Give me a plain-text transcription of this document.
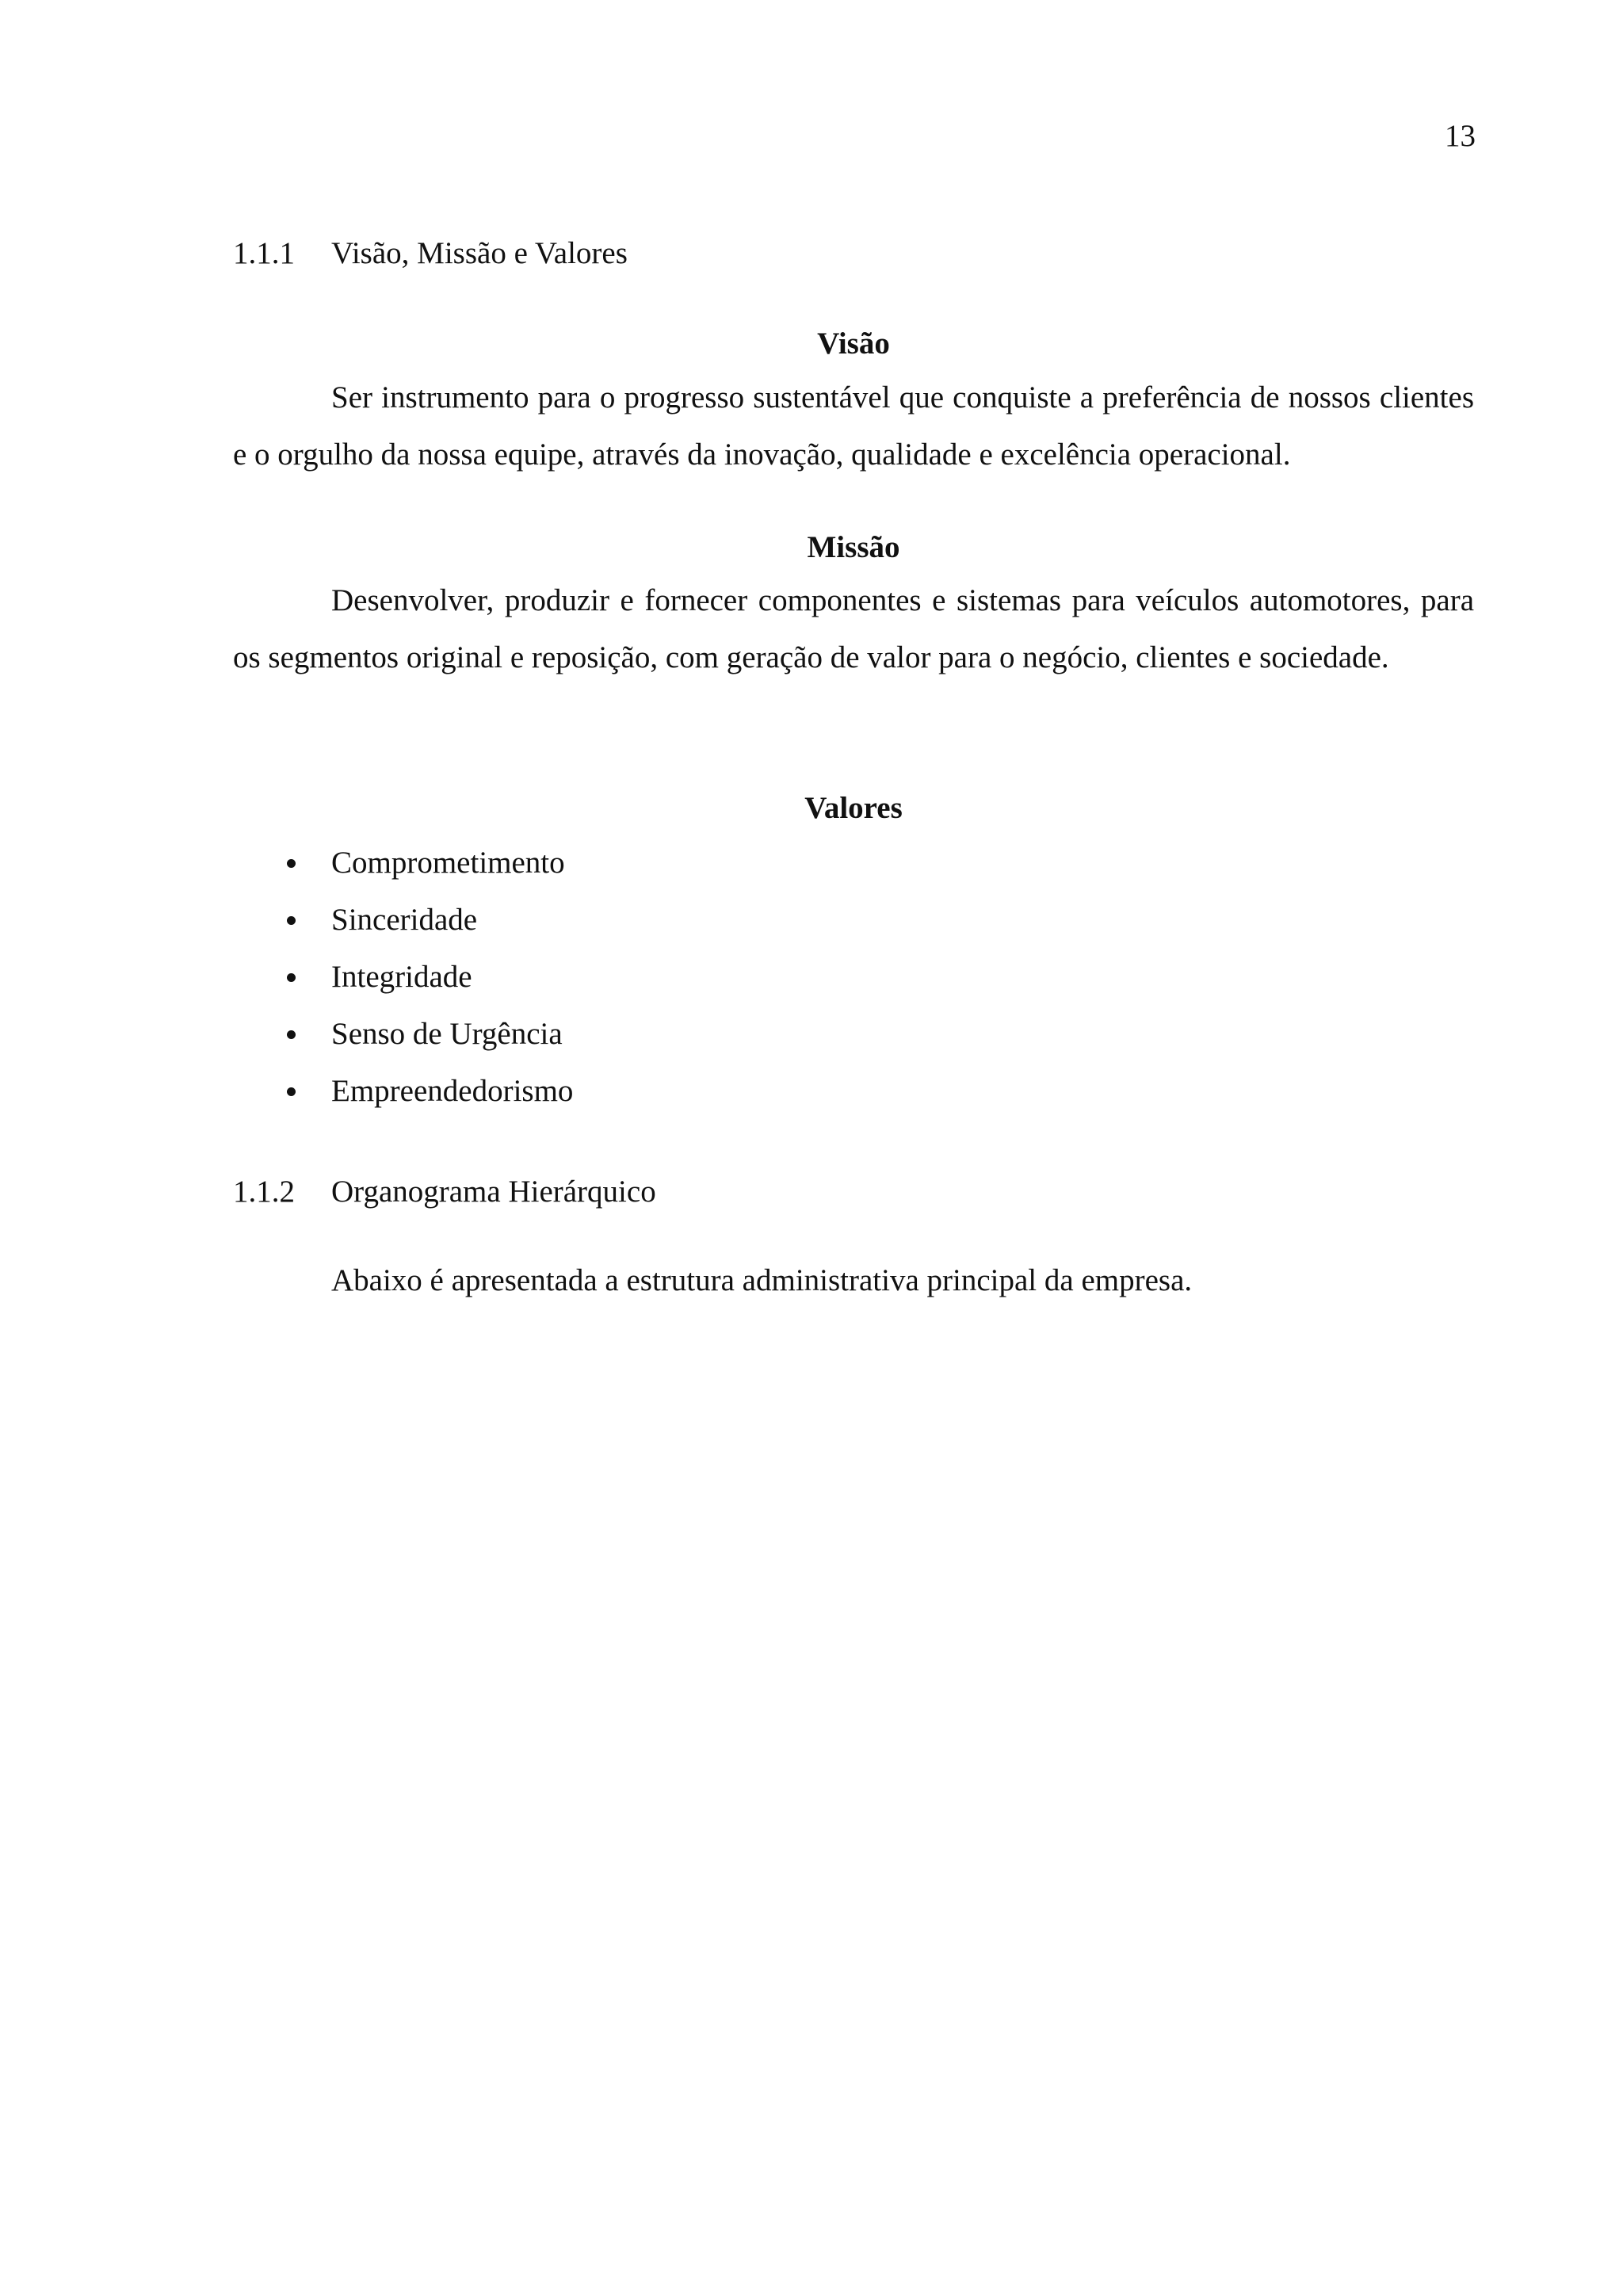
13
1.1.1 Visão, Missão e Valores
Visão

Ser instrumento para o progresso sustentável que conquiste a preferência de nossos clientes e o orgulho da nossa equipe, através da inovação, qualidade e excelência operacional.

Missão

Desenvolver, produzir e fornecer componentes e sistemas para veículos automotores, para os segmentos original e reposição, com geração de valor para o negócio, clientes e sociedade.

Valores
Comprometimento
Sinceridade
Integridade
Senso de Urgência
Empreendedorismo
1.1.2 Organograma Hierárquico
Abaixo é apresentada a estrutura administrativa principal da empresa.
